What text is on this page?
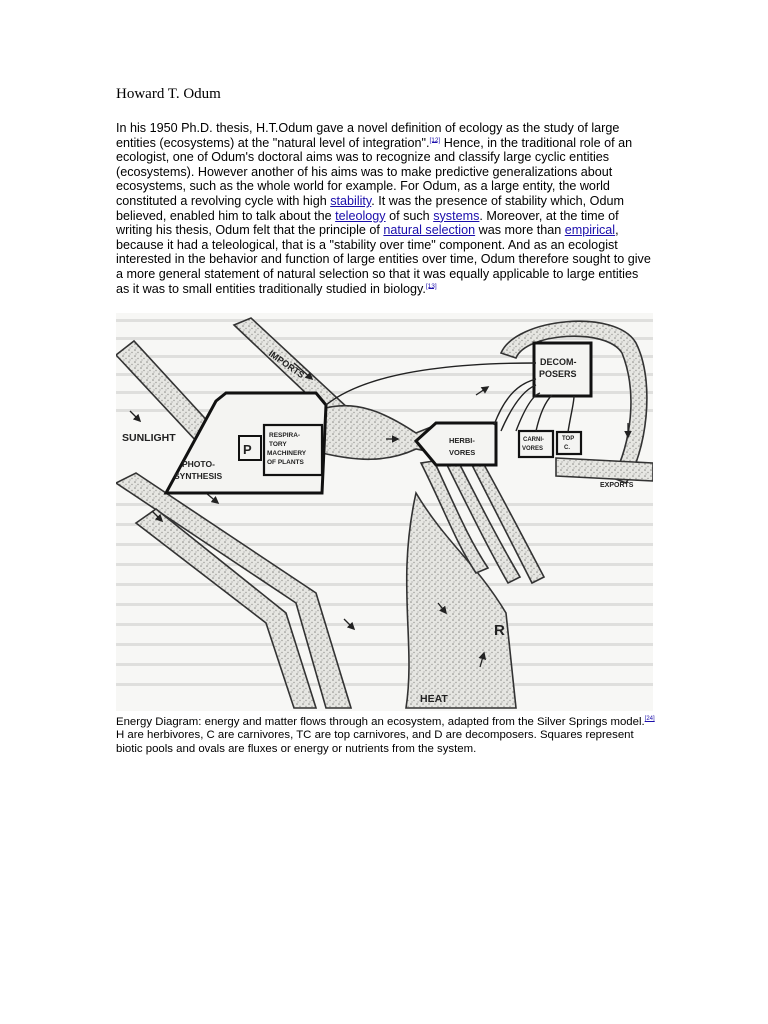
Howard T. Odum
In his 1950 Ph.D. thesis, H.T.Odum gave a novel definition of ecology as the study of large entities (ecosystems) at the "natural level of integration".[12] Hence, in the traditional role of an ecologist, one of Odum's doctoral aims was to recognize and classify large cyclic entities (ecosystems). However another of his aims was to make predictive generalizations about ecosystems, such as the whole world for example. For Odum, as a large entity, the world constituted a revolving cycle with high stability. It was the presence of stability which, Odum believed, enabled him to talk about the teleology of such systems. Moreover, at the time of writing his thesis, Odum felt that the principle of natural selection was more than empirical, because it had a teleological, that is a "stability over time" component. And as an ecologist interested in the behavior and function of large entities over time, Odum therefore sought to give a more general statement of natural selection so that it was equally applicable to large entities as it was to small entities traditionally studied in biology.[13]
SUNLIGHT
IMPORTS
P
PHOTO-
SYNTHESIS
RESPIRA-
TORY
MACHINERY
OF PLANTS
HERBI-
VORES
CARNI-
VORES
TOP
C.
DECOM-
POSERS
EXPORTS
R
HEAT
Energy Diagram: energy and matter flows through an ecosystem, adapted from the Silver Springs model.[24] H are herbivores, C are carnivores, TC are top carnivores, and D are decomposers. Squares represent biotic pools and ovals are fluxes or energy or nutrients from the system.
